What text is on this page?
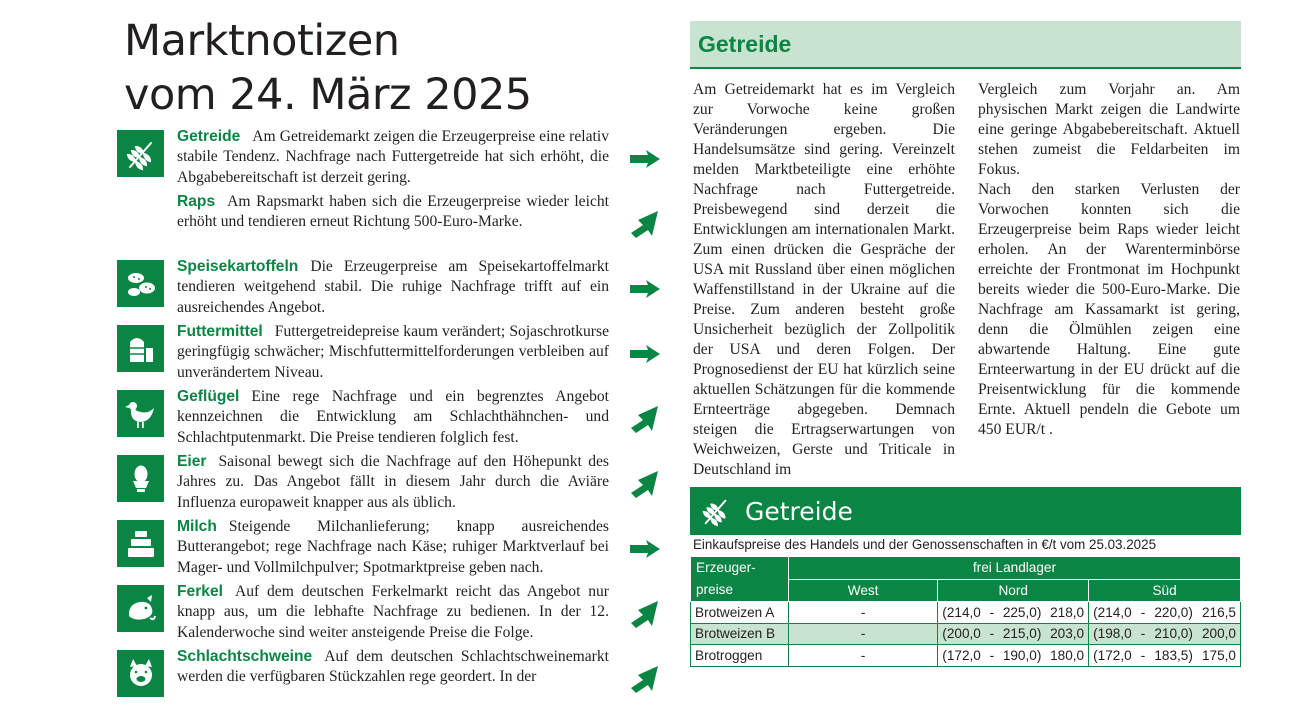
Marktnotizen
vom 24. März 2025
Getreide Am Getreidemarkt zeigen die Erzeugerpreise eine relativ stabile Tendenz. Nachfrage nach Futtergetreide hat sich erhöht, die Abgabebereitschaft ist derzeit gering.
Raps Am Rapsmarkt haben sich die Erzeugerpreise wieder leicht erhöht und tendieren erneut Richtung 500-Euro-Marke.
Speisekartoffeln Die Erzeugerpreise am Speisekartoffelmarkt tendieren weitgehend stabil. Die ruhige Nachfrage trifft auf ein ausreichendes Angebot.
Futtermittel Futtergetreidepreise kaum verändert; Sojaschrotkurse geringfügig schwächer; Mischfuttermittelforderungen verbleiben auf unverändertem Niveau.
Geflügel Eine rege Nachfrage und ein begrenztes Angebot kennzeichnen die Entwicklung am Schlachthähnchen- und Schlachtputenmarkt. Die Preise tendieren folglich fest.
Eier Saisonal bewegt sich die Nachfrage auf den Höhepunkt des Jahres zu. Das Angebot fällt in diesem Jahr durch die Aviäre Influenza europaweit knapper aus als üblich.
Milch Steigende Milchanlieferung; knapp ausreichendes Butterangebot; rege Nachfrage nach Käse; ruhiger Marktverlauf bei Mager- und Vollmilchpulver; Spotmarktpreise geben nach.
Ferkel Auf dem deutschen Ferkelmarkt reicht das Angebot nur knapp aus, um die lebhafte Nachfrage zu bedienen. In der 12. Kalenderwoche sind weiter ansteigende Preise die Folge.
Schlachtschweine Auf dem deutschen Schlachtschweinemarkt werden die verfügbaren Stückzahlen rege geordert. In der
Getreide

Am Getreidemarkt hat es im Vergleich zur Vorwoche keine großen Veränderungen ergeben. Die Handelsumsätze sind gering. Vereinzelt melden Marktbeteiligte eine erhöhte Nachfrage nach Futtergetreide. Preisbewegend sind derzeit die Entwicklungen am internationalen Markt. Zum einen drücken die Gespräche der USA mit Russland über einen möglichen Waffenstillstand in der Ukraine auf die Preise. Zum anderen besteht große Unsicherheit bezüglich der Zollpolitik der USA und deren Folgen. Der Prognosedienst der EU hat kürzlich seine aktuellen Schätzungen für die kommende Ernteerträge abgegeben. Demnach steigen die Ertragserwartungen von Weichweizen, Gerste und Triticale in Deutschland im

Vergleich zum Vorjahr an. Am physischen Markt zeigen die Landwirte eine geringe Abgabebereitschaft. Aktuell stehen zumeist die Feldarbeiten im Fokus.

Nach den starken Verlusten der Vorwochen konnten sich die Erzeugerpreise beim Raps wieder leicht erholen. An der Warenterminbörse erreichte der Frontmonat im Hochpunkt bereits wieder die 500-Euro-Marke. Die Nachfrage am Kassamarkt ist gering, denn die Ölmühlen zeigen eine abwartende Haltung. Eine gute Ernteerwartung in der EU drückt auf die Preisentwicklung für die kommende Ernte. Aktuell pendeln die Gebote um 450 EUR/t .

Getreide
Einkaufspreise des Handels und der Genossenschaften in €/t vom 25.03.2025
Erzeuger-
preise	frei Landlager		
	West	Nord	Süd
Brotweizen A	-	(214,0 - 225,0) 218,0	(214,0 - 220,0) 216,5

Brotweizen B	-	(200,0 - 215,0) 203,0	(198,0 - 210,0) 200,0

Brotroggen	-	(172,0 - 190,0) 180,0	(172,0 - 183,5) 175,0
